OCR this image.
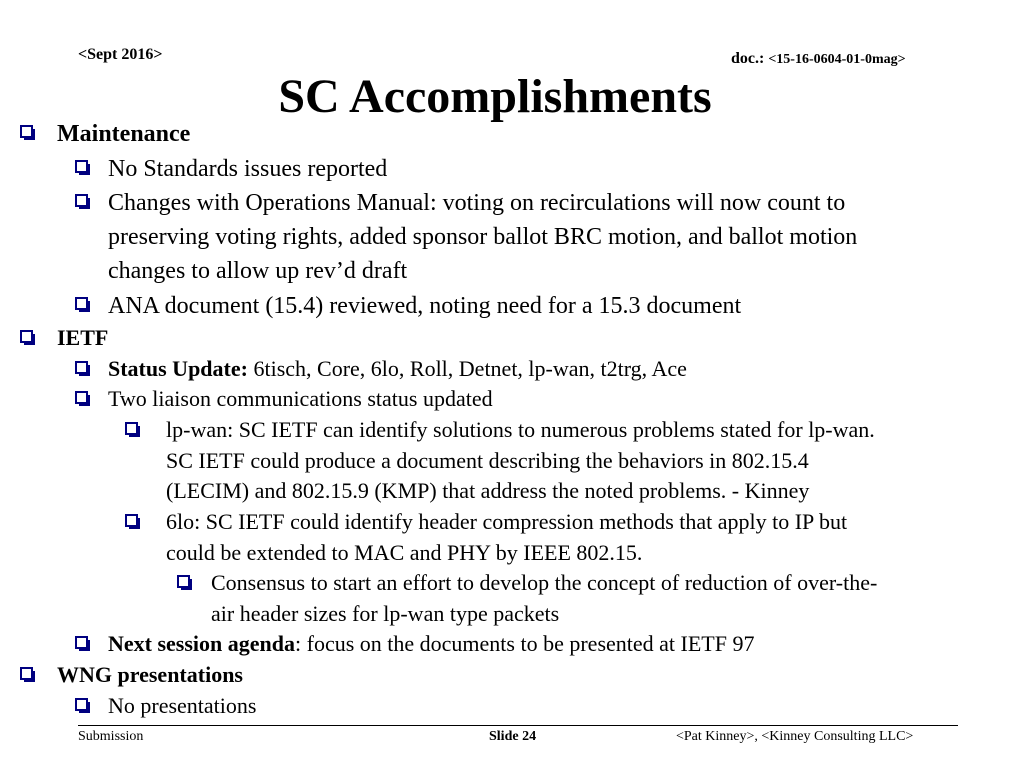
<Sept 2016>	doc.: <15-16-0604-01-0mag>
SC Accomplishments
Maintenance
No Standards issues reported
Changes with Operations Manual: voting on recirculations will now count to
preserving voting rights, added sponsor ballot BRC motion, and ballot motion
changes to allow up rev’d draft
ANA document (15.4) reviewed, noting need for a 15.3 document
IETF
Status Update: 6tisch, Core, 6lo, Roll, Detnet, lp-wan, t2trg, Ace
Two liaison communications status updated
lp-wan: SC IETF can identify solutions to numerous problems stated for lp-wan.
SC IETF could produce a document describing the behaviors in 802.15.4
(LECIM) and 802.15.9 (KMP) that address the noted problems. - Kinney
6lo: SC IETF could identify header compression methods that apply to IP but
could be extended to MAC and PHY by IEEE 802.15.
Consensus to start an effort to develop the concept of reduction of over-the-
air header sizes for lp-wan type packets
Next session agenda: focus on the documents to be presented at IETF 97
WNG presentations
No presentations
Submission	Slide 24	<Pat Kinney>, <Kinney Consulting LLC>
